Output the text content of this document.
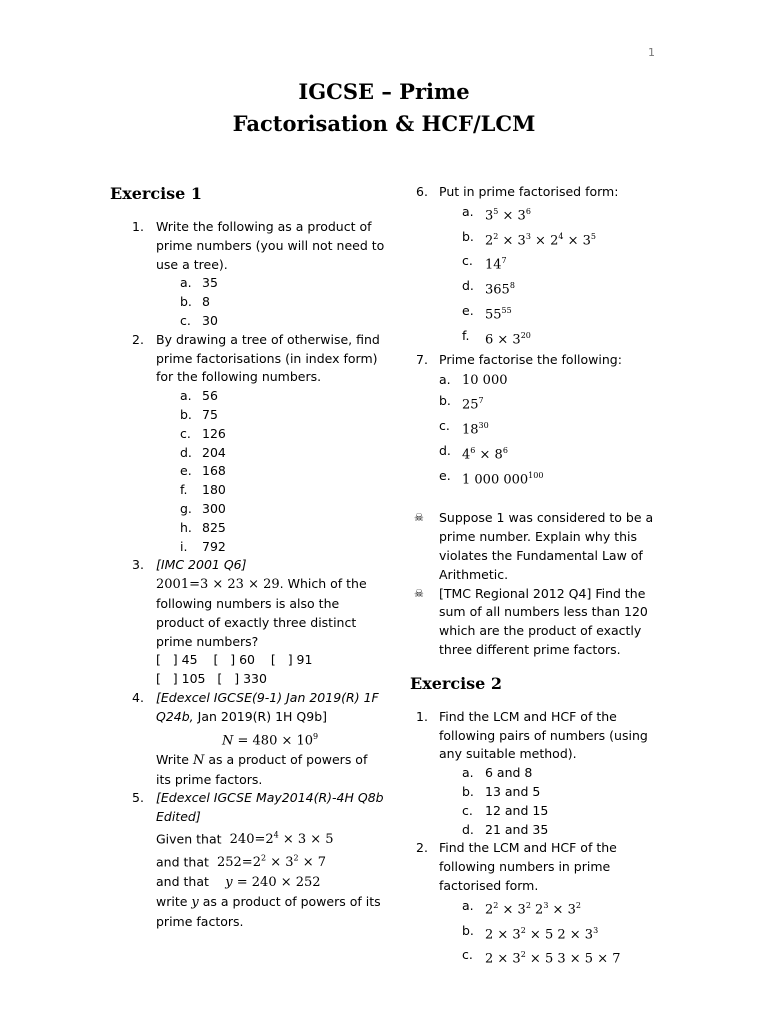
1
IGCSE – Prime
Factorisation & HCF/LCM
Exercise 1
1. Write the following as a product of prime numbers (you will not need to use a tree).
a. 35
b. 8
c. 30
2. By drawing a tree of otherwise, find prime factorisations (in index form) for the following numbers.
a. 56
b. 75
c. 126
d. 204
e. 168
f. 180
g. 300
h. 825
i. 792
3. [IMC 2001 Q6]
2001=3 × 23 × 29. Which of the following numbers is also the product of exactly three distinct prime numbers?
[   ] 45    [   ] 60    [   ] 91
[   ] 105   [   ] 330
4. [Edexcel IGCSE(9-1) Jan 2019(R) 1F Q24b, Jan 2019(R) 1H Q9b]
$N = 480 \times 10^9$
Write N as a product of powers of its prime factors.
5. [Edexcel IGCSE May2014(R)-4H Q8b Edited]
Given that  $240=2^4 \times 3 \times 5$
and that  $252=2^2 \times 3^2 \times 7$
and that y = 240 × 252
write y as a product of powers of its prime factors.
6. Put in prime factorised form:
a. $3^5 \times 3^6$
b. $2^2 \times 3^3 \times 2^4 \times 3^5$
c. $14^7$
d. $365^8$
e. $55^{55}$
f. $6 \times 3^{20}$
7. Prime factorise the following:
a. 10 000
b. $25^7$
c. $18^{30}$
d. $4^6 \times 8^6$
e. 1 000 $000^{100}$
☠ Suppose 1 was considered to be a prime number. Explain why this violates the Fundamental Law of Arithmetic.
☠ [TMC Regional 2012 Q4] Find the sum of all numbers less than 120 which are the product of exactly three different prime factors.
Exercise 2
1. Find the LCM and HCF of the following pairs of numbers (using any suitable method).
a. 6 and 8
b. 13 and 5
c. 12 and 15
d. 21 and 35
2. Find the LCM and HCF of the following numbers in prime factorised form.
a. $2^2 \times 3^2$ $2^3 \times 3^2$
b. $2 \times 3^2 \times 5$ $2 \times 3^3$
c. $2 \times 3^2 \times 5$ 3 × 5 × 7
